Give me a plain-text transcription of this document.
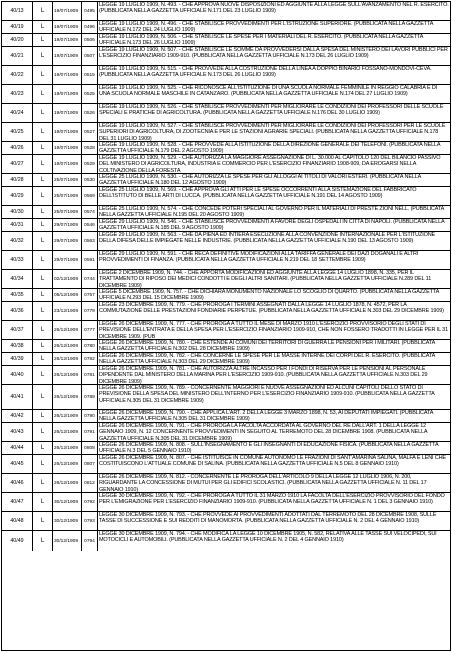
40/13	L	19/07/1909	0495
LEGGE 19 LUGLIO 1909, N. 493. - CHE APPROVA NUOVE DISPOSIZIONI ED AGGIUNTE ALLA LEGGE SULL'AVANZAMENTO NEL R. ESERCITO. (PUBBLICATA NELLA GAZZETTA UFFICIALE N.171 DEL 23 LUGLIO 1909)
40/19	L	19/07/1909	0496 LEGGE 19 LUGLIO 1909, N. 496. - CHE STABILISCE PROVVEDIMENTI PER L'ISTRUZIONE SUPERIORE. (PUBBLICATA NELLA GAZZETTA UFFICIALE N.172 DEL 24 LUGLIO 1909)
40/20	L	19/07/1909	0506 LEGGE 19 LUGLIO 1909, N. 506. - CHE STABILISCE LE SPESE PER I MATERIALI DEL R. ESERCITO. (PUBBLICATA NELLA GAZZETTA UFFICIALE N.173 DEL 26 LUGLIO 1909)
40/21	L	19/07/1909	0507
LEGGE 19 LUGLIO 1909, N. 507. - CHE STABILISCE LE SOMME DA PROVVEDERSI DALLA SPESA DEL MINISTERO DEI LAVORI PUBBLICI PER L'ESERCIZIO FINANZIARIO 1909-910. (PUBBLICATA NELLA GAZZETTA UFFICIALE N.173 DEL 26 LUGLIO 1909)
40/22	L	19/07/1909	0515
LEGGE 19 LUGLIO 1909, N. 515. - CHE PROVVEDE ALLA COSTRUZIONE DELLA LINEA A DOPPIO BINARIO FOSSANO-MONDOVI-CEVA. (PUBBLICATA NELLA GAZZETTA UFFICIALE N.173 DEL 26 LUGLIO 1909)
40/23	L	19/07/1909	0525
LEGGE 19 LUGLIO 1909, N. 525. - CHE RICONOSCE ALL'ISTITUZIONE DI UNA SCUOLA NORMALE FEMMINILE IN REGGIO CALABRIA E DI UNA SCUOLA NORMALE MASCHILE IN CATANZARO. (PUBBLICATA NELLA GAZZETTA UFFICIALE N.174 DEL 27 LUGLIO 1909)
40/24	L	19/07/1909	0526
LEGGE 19 LUGLIO 1909, N. 526. - CHE STABILISCE PROVVEDIMENTI PER MIGLIORARE LE CONDIZIONI DEI PROFESSORI DELLE SCUOLE SPECIALI E PRATICHE DI AGRICOLTURA. (PUBBLICATA NELLA GAZZETTA UFFICIALE N.176 DEL 30 LUGLIO 1909)
40/25	L	19/07/1909	0527
LEGGE 19 LUGLIO 1909, N. 527. - CHE STABILISCE PROVVEDIMENTI PER MIGLIORARE LE CONDIZIONI DEI PROFESSORI PER LE SCUOLE SUPERIORI DI AGRICOLTURA, DI ZOOTECNIA E PER LE STAZIONI AGRARIE SPECIALI. (PUBBLICATA NELLA GAZZETTA UFFICIALE N.178 DEL 31 LUGLIO 1909)
40/26	L	19/07/1909	0528 LEGGE 19 LUGLIO 1909, N. 528. - CHE PROVVEDE ALLA ISTITUZIONE DELLA DIREZIONE GENERALE DEI TELEFONI. (PUBBLICATA NELLA GAZZETTA UFFICIALE N.179 DEL 2 AGOSTO 1909)
40/27	L	19/07/1909	0529
LEGGE 19 LUGLIO 1909, N. 529. - CHE AUTORIZZA LA MAGGIORE ASSEGNAZIONE DI L. 30.000 AL CAPITOLO 120 DEL BILANCIO PASSIVO DEL MINISTERO DI AGRICOLTURA, INDUSTRIA E COMMERCIO PER L'ESERCIZIO FINANZIARIO 1908-909, DA EROGARSI NELLA COLTIVAZIONE DELLA FORESTA
40/28	L	25/07/1909	0530 LEGGE 25 LUGLIO 1909, N. 530. - CHE AUTORIZZA LE SPESE PER GLI ALLOGGI AI TITOLI DI VALORI ESTERI. (PUBBLICATA NELLA GAZZETTA UFFICIALE N.180 DEL 12 AGOSTO 1909)
40/29	L	25/07/1909	0569
LEGGE 25 LUGLIO 1909, N. 569. - CHE APPROVA GLI ATTI PER LE SPESE OCCORRENTI ALLA SISTEMAZIONE DEL FABBRICATO DELL'ISTITUTO DI BELLE ARTI DI LUCCA. (PUBBLICATA NELLA GAZZETTA UFFICIALE N.191 DEL 14 AGOSTO 1909)
40/30	L	25/07/1909	0574 LEGGE 25 LUGLIO 1909, N. 574. - CHE CONCEDE POTERI SPECIALI AL GOVERNO PER IL MATERIALI DI PRESTE ZIONI NELL. (PUBBLICATA NELLA GAZZETTA UFFICIALE N.195 DEL 20 AGOSTO 1909)
40/31	L	29/07/1909	0546 LEGGE 29 LUGLIO 1909, N. 546. - CHE STABILISCE PROVVEDIMENTI A FAVORE DEGLI OSPEDALI IN CITTA DI NAPOLI. (PUBBLICATA NELLA GAZZETTA UFFICIALE N.185 DEL 9 AGOSTO 1909)
40/32	L	29/07/1909	0563
LEGGE 29 LUGLIO 1909, N. 563. - CHE DA PIENA ED INTIERA ESECUZIONE ALLA CONVENZIONE INTERNAZIONALE PER L'ISTITUZIONE DELLA DIFESA DELLE IMPIEGATE NELLE INDUSTRIE. (PUBBLICATA NELLA GAZZETTA UFFICIALE N.190 DEL 13 AGOSTO 1909)
40/33	L	29/07/1909	0591
LEGGE 29 LUGLIO 1909, N. 591. - CHE RECA DEFINITIVE MODIFICAZIONI ALLA TARIFFA GENERALE DEI DAZI DOGANALI E ALTRI PROVVEDIMENTI DI FINANZA. (PUBBLICATA NELLA GAZZETTA UFFICIALE N.219 DEL 18 SETTEMBRE 1909)
40/34	L	02/12/1909	0744
LEGGE 2 DICEMBRE 1909, N. 744. - CHE APPORTA MODIFICAZIONI ED AGGIUNTE ALLA LEGGE 14 LUGLIO 1898, N. 335, PER IL TRATTAMENTO DI RIPOSO DEI MEDICI CONDOTTI E DEGLI ALTRI SANITARI. (PUBBLICATA NELLA GAZZETTA UFFICIALE N.289 DEL 11 DICEMBRE 1909)
40/35	L	05/12/1909	0757 LEGGE 5 DICEMBRE 1909, N. 757. - CHE DICHIARA MONUMENTO NAZIONALE LO SCOGLIO DI QUARTO. (PUBBLICATA NELLA GAZZETTA UFFICIALE N.293 DEL 15 DICEMBRE 1909)
40/36	L	23/12/1909	0779
LEGGE 23 DICEMBRE 1909, N. 779. - CHE PROROGA I TERMINI ASSEGNATI DALLA LEGGE 14 LUGLIO 1878, N. 4572, PER LA COMMUTAZIONE DELLE PRESTAZIONI FONDIARIE PERPETUE. (PUBBLICATA NELLA GAZZETTA UFFICIALE N.303 DEL 29 DICEMBRE 1909)
40/37	L	26/12/1909	0777
LEGGE 26 DICEMBRE 1909, N. 777. - CHE PROROGA A TUTTO IL MESE DI MARZO 1910 L'ESERCIZIO PROVVISORIO DEGLI STATI DI PREVISIONE DELL'ENTRATA E DELLA SPESA PER L'ESERCIZIO FINANZIARIO 1909-910, CHE NON FOSSERO TRADOTTI IN LEGGE PER IL 31 DICEMBRE 1909. (PUB
40/38	L	26/12/1909	0780 LEGGE 26 DICEMBRE 1909, N. 780. - CHE ESTENDE AI COMUNI DEI TERRITORI DI GUERRA LE PENSIONI PER I MILITARI. (PUBBLICATA NELLA GAZZETTA UFFICIALE N.302 DEL 28 DICEMBRE 1909)
40/39	L	26/12/1909	0782 LEGGE 26 DICEMBRE 1909, N. 782. - CHE CONCERNE LE SPESE PER LE MASSE INTERNE DEI CORPI DEL R. ESERCITO. (PUBBLICATA NELLA GAZZETTA UFFICIALE N.303 DEL 29 DICEMBRE 1909)
40/40	L	26/12/1909	0781
LEGGE 26 DICEMBRE 1909, N. 781. - CHE AUTORIZZA ALTRE INCASSO PER I FONDI DI RISERVA PER LE PENSIONI AL PERSONALE DIPENDENTE DAL MINISTERO DELLA MARINA PER L'ESERCIZIO 1909-910. (PUBBLICATA NELLA GAZZETTA UFFICIALE N.303 DEL 29 DICEMBRE 1909)
40/41	L	26/12/1909	0789
LEGGE 26 DICEMBRE 1909, N. 789. - CONCERNENTE MAGGIORI E NUOVE ASSEGNAZIONI ED ALCUNI CAPITOLI DELLO STATO DI PREVISIONE DELLA SPESA DEL MINISTERO DELL'INTERNO PER L'ESERCIZIO FINANZIARIO 1909-910. (PUBBLICATA NELLA GAZZETTA UFFICIALE N.305 DEL 31 DICEMBRE 1909)
40/42	L	26/12/1909	0790 LEGGE 26 DICEMBRE 1909, N. 790. - CHE APPLICA L'ART. 2 DELLA LEGGE 3 MARZO 1898, N. 53, AI DEPUTATI IMPIEGATI. (PUBBLICATA NELLA GAZZETTA UFFICIALE N.305 DEL 31 DICEMBRE 1909)
40/43	L	26/12/1909	0791
LEGGE 26 DICEMBRE 1909, N. 791. - CHE PROROGA LA FACOLTA ACCORDATA AL GOVERNO DEL RE DALL'ART. 1 DELLA LEGGE 12 GENNAIO 1909, N. 12 CONCERNENTE PROVVEDIMENTI IN SEGUITO AL TERREMOTO DEL 28 DICEMBRE 1908. (PUBBLICATA NELLA GAZZETTA UFFICIALE N.305 DEL 31 DICEMBRE 1909)
40/44	L	26/12/1909	0808 LEGGE 26 DICEMBRE 1909, N. 808. - SULL'INSEGNAMENTO E GLI INSEGNANTI DI EDUCAZIONE FISICA. (PUBBLICATA NELLA GAZZETTA UFFICIALE N.3 DEL 5 GENNAIO 1910)
40/45	L	26/12/1909	0807
LEGGE 26 DICEMBRE 1909, N. 807. - CHE ISTITUISCE IN COMUNE AUTONOMO LE FRAZIONI DI SANT'AMARINA SALINA, MALFA E LENI CHE COSTITUISCONO L'ATTUALE COMUNE DI SALINA. (PUBBLICATA NELLA GAZZETTA UFFICIALE N.5 DEL 8 GENNAIO 1910)
40/46	L	26/12/1909	0812
LEGGE 26 DICEMBRE 1909, N. 812. - CONCERNENTE LE PROROGA DELL'ARTICOLO 9 DELLA LEGGE 12 LUGLIO 1906, N. 200, RIGUARDANTE LA CONCESSIONE DI MUTUI PER GLI EDIFICI SCOLASTICI. (PUBBLICATA NELLA GAZZETTA UFFICIALE N. 11 DEL 17 GENNAIO 1910)
40/47	L	30/12/1909	0792
LEGGE 30 DICEMBRE 1909, N. 792. - CHE PROROGA A TUTTO IL 31 MARZO 1910 LA FACOLTA DELL'ESERCIZIO PROVVISORIO DEL FONDO PER L'EMIGRAZIONE PER L'ESERCIZIO FINANZIARIO 1909-910. (PUBBLICATA NELLA GAZZETTA UFFICIALE N. 1 DEL 3 GENNAIO 1910)
40/48	L	30/12/1909	0793
LEGGE 30 DICEMBRE 1909, N. 793. - CHE PROVVEDE AI PROVVEDIMENTI ADOTTATI DAL TERREMOTO DEL 28 DICEMBRE 1908, SULLE TASSE DI SUCCESSIONE E SUI REDDITI DI MANOMORTA. (PUBBLICATA NELLA GAZZETTA UFFICIALE N. 2 DEL 4 GENNAIO 1910)
40/49	L	30/12/1909	0794
LEGGE 30 DICEMBRE 1909, N. 794. - CHE MODIFICA LA LEGGE 10 DICEMBRE 1905, N. 582, RELATIVA ALLE TASSE SUI VELOCIPEDI, SUI MOTOCICLI E AUTOMOBILI. (PUBBLICATA NELLA GAZZETTA UFFICIALE N. 2 DEL 4 GENNAIO 1910)
